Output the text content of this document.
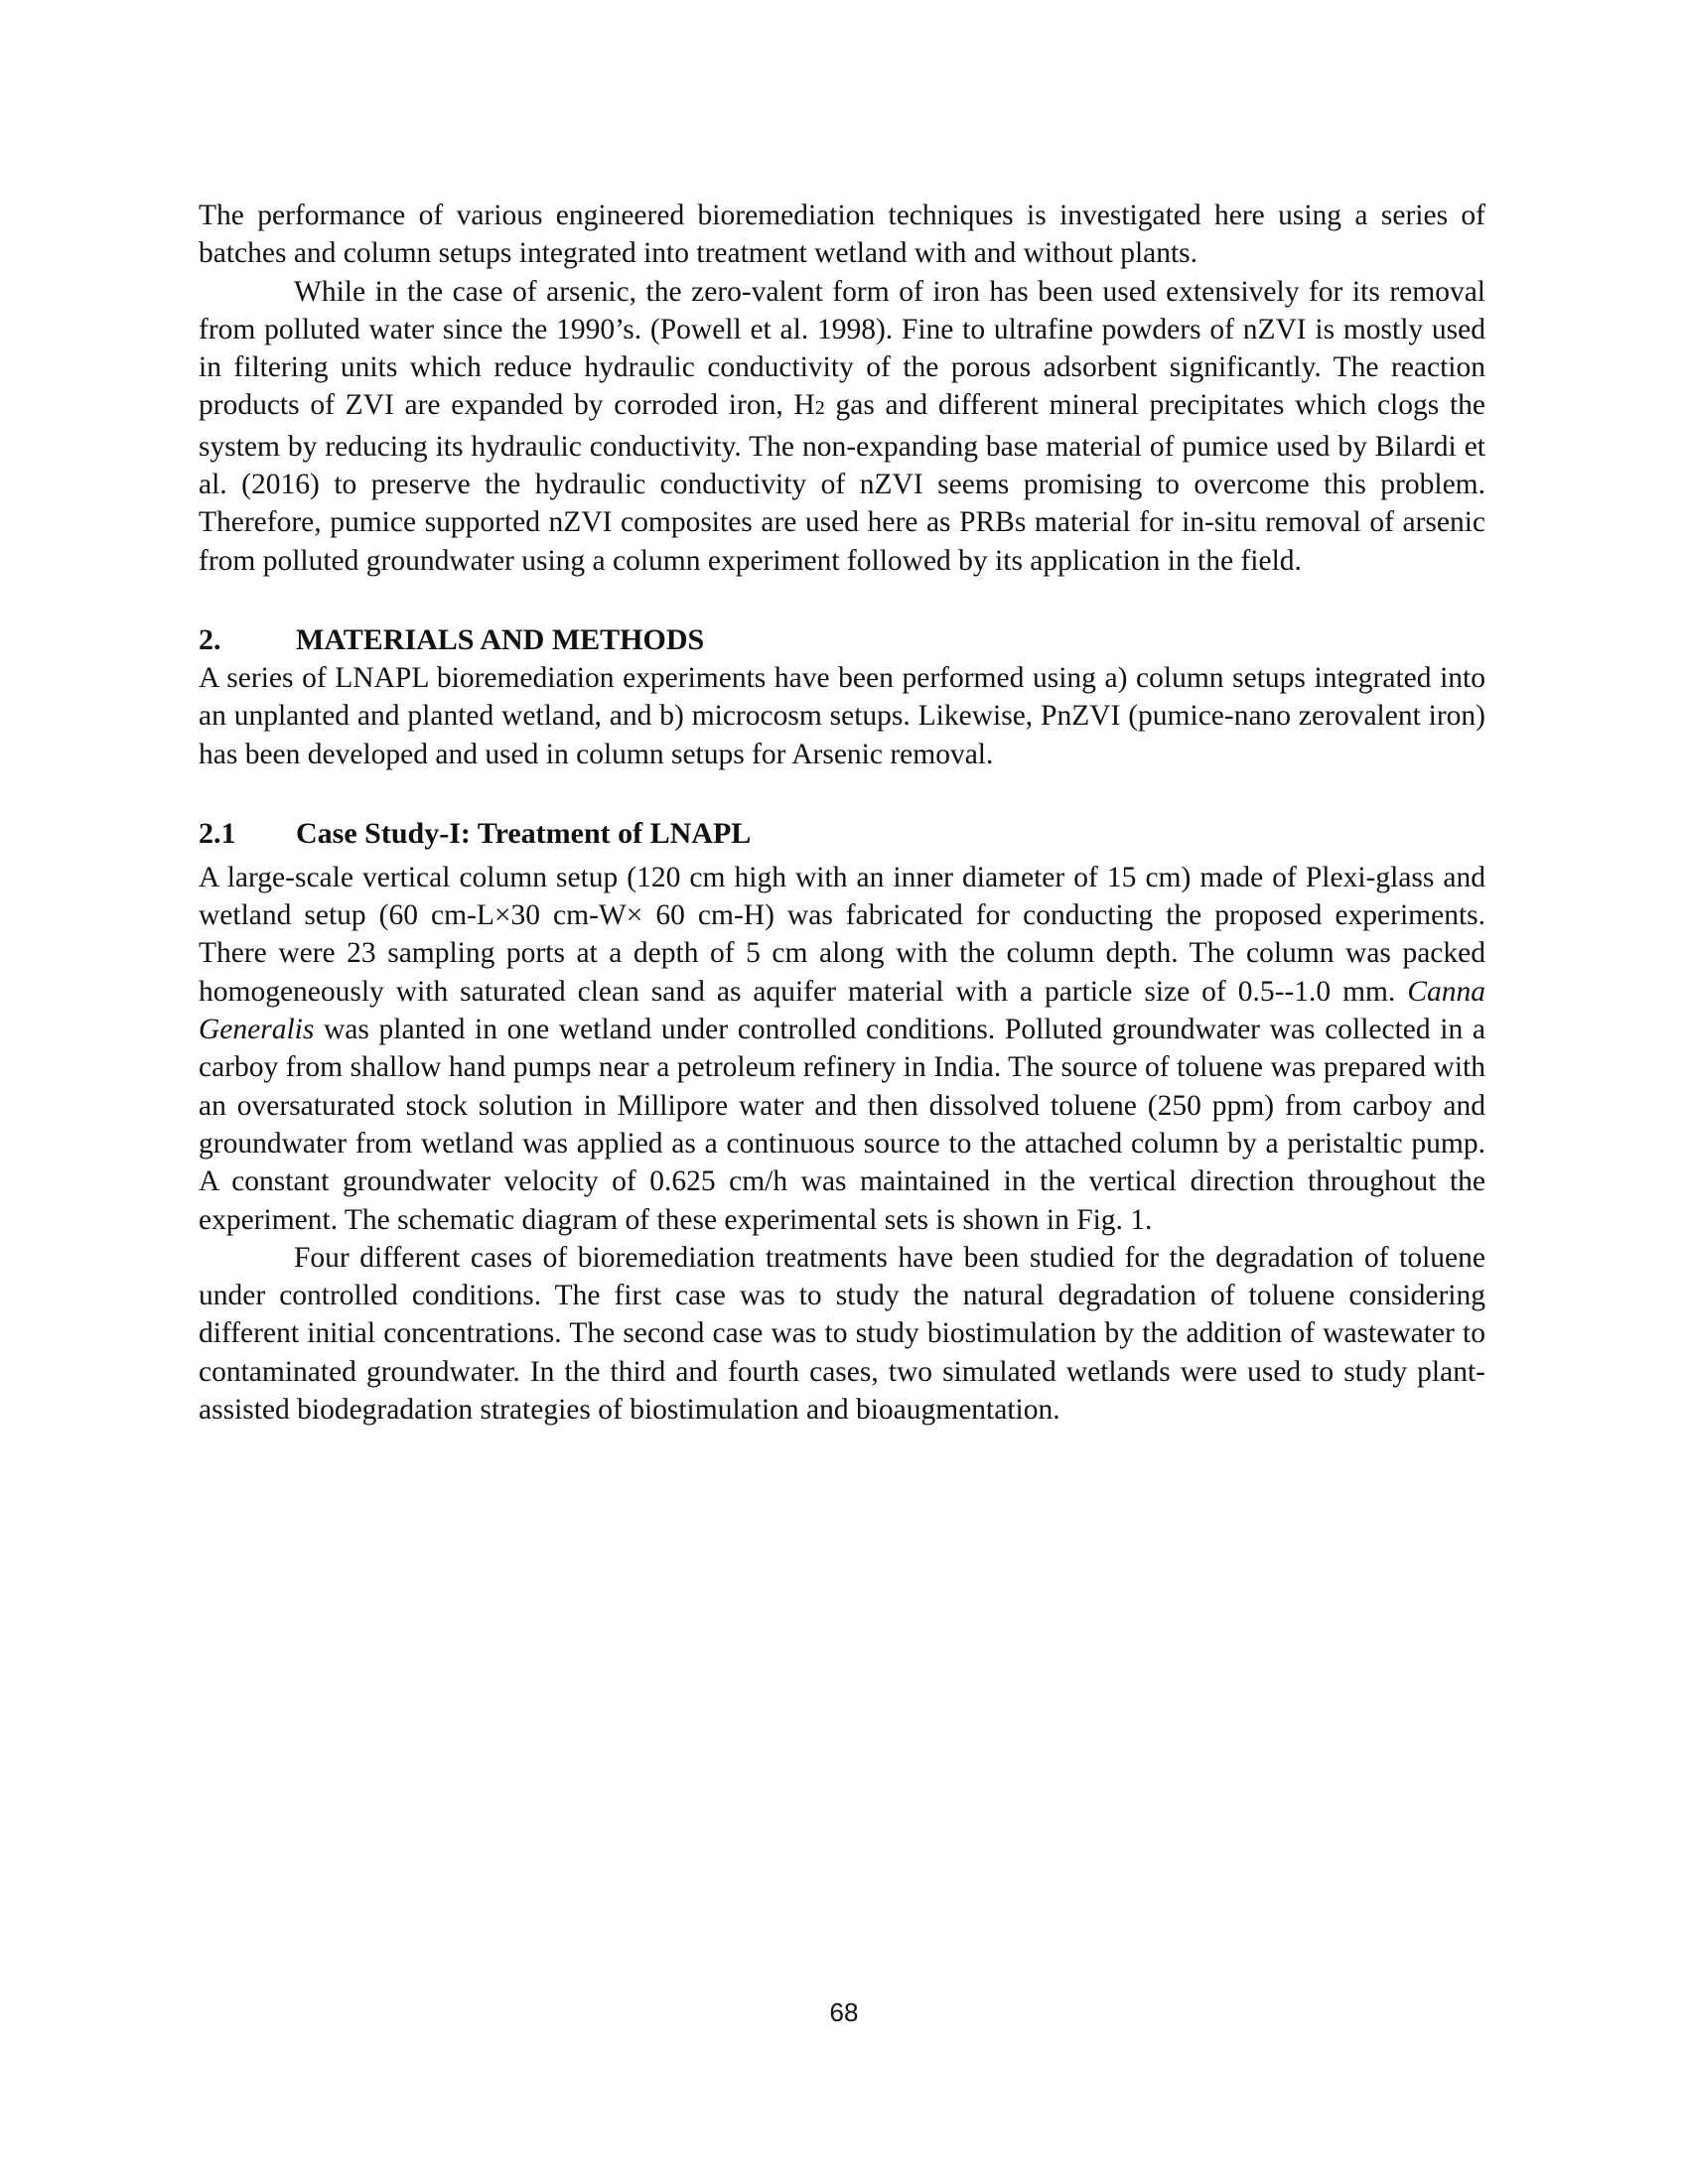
The performance of various engineered bioremediation techniques is investigated here using a series of batches and column setups integrated into treatment wetland with and without plants.

While in the case of arsenic, the zero-valent form of iron has been used extensively for its removal from polluted water since the 1990’s. (Powell et al. 1998). Fine to ultrafine powders of nZVI is mostly used in filtering units which reduce hydraulic conductivity of the porous adsorbent significantly. The reaction products of ZVI are expanded by corroded iron, H2 gas and different mineral precipitates which clogs the system by reducing its hydraulic conductivity. The non-expanding base material of pumice used by Bilardi et al. (2016) to preserve the hydraulic conductivity of nZVI seems promising to overcome this problem. Therefore, pumice supported nZVI composites are used here as PRBs material for in-situ removal of arsenic from polluted groundwater using a column experiment followed by its application in the field.

2.	MATERIALS AND METHODS

A series of LNAPL bioremediation experiments have been performed using a) column setups integrated into an unplanted and planted wetland, and b) microcosm setups. Likewise, PnZVI (pumice-nano zerovalent iron) has been developed and used in column setups for Arsenic removal.

2.1	Case Study-I: Treatment of LNAPL

A large-scale vertical column setup (120 cm high with an inner diameter of 15 cm) made of Plexi-glass and wetland setup (60 cm-L×30 cm-W× 60 cm-H) was fabricated for conducting the proposed experiments. There were 23 sampling ports at a depth of 5 cm along with the column depth. The column was packed homogeneously with saturated clean sand as aquifer material with a particle size of 0.5--1.0 mm. Canna Generalis was planted in one wetland under controlled conditions. Polluted groundwater was collected in a carboy from shallow hand pumps near a petroleum refinery in India. The source of toluene was prepared with an oversaturated stock solution in Millipore water and then dissolved toluene (250 ppm) from carboy and groundwater from wetland was applied as a continuous source to the attached column by a peristaltic pump. A constant groundwater velocity of 0.625 cm/h was maintained in the vertical direction throughout the experiment. The schematic diagram of these experimental sets is shown in Fig. 1.

Four different cases of bioremediation treatments have been studied for the degradation of toluene under controlled conditions. The first case was to study the natural degradation of toluene considering different initial concentrations. The second case was to study biostimulation by the addition of wastewater to contaminated groundwater. In the third and fourth cases, two simulated wetlands were used to study plant-assisted biodegradation strategies of biostimulation and bioaugmentation.

68
